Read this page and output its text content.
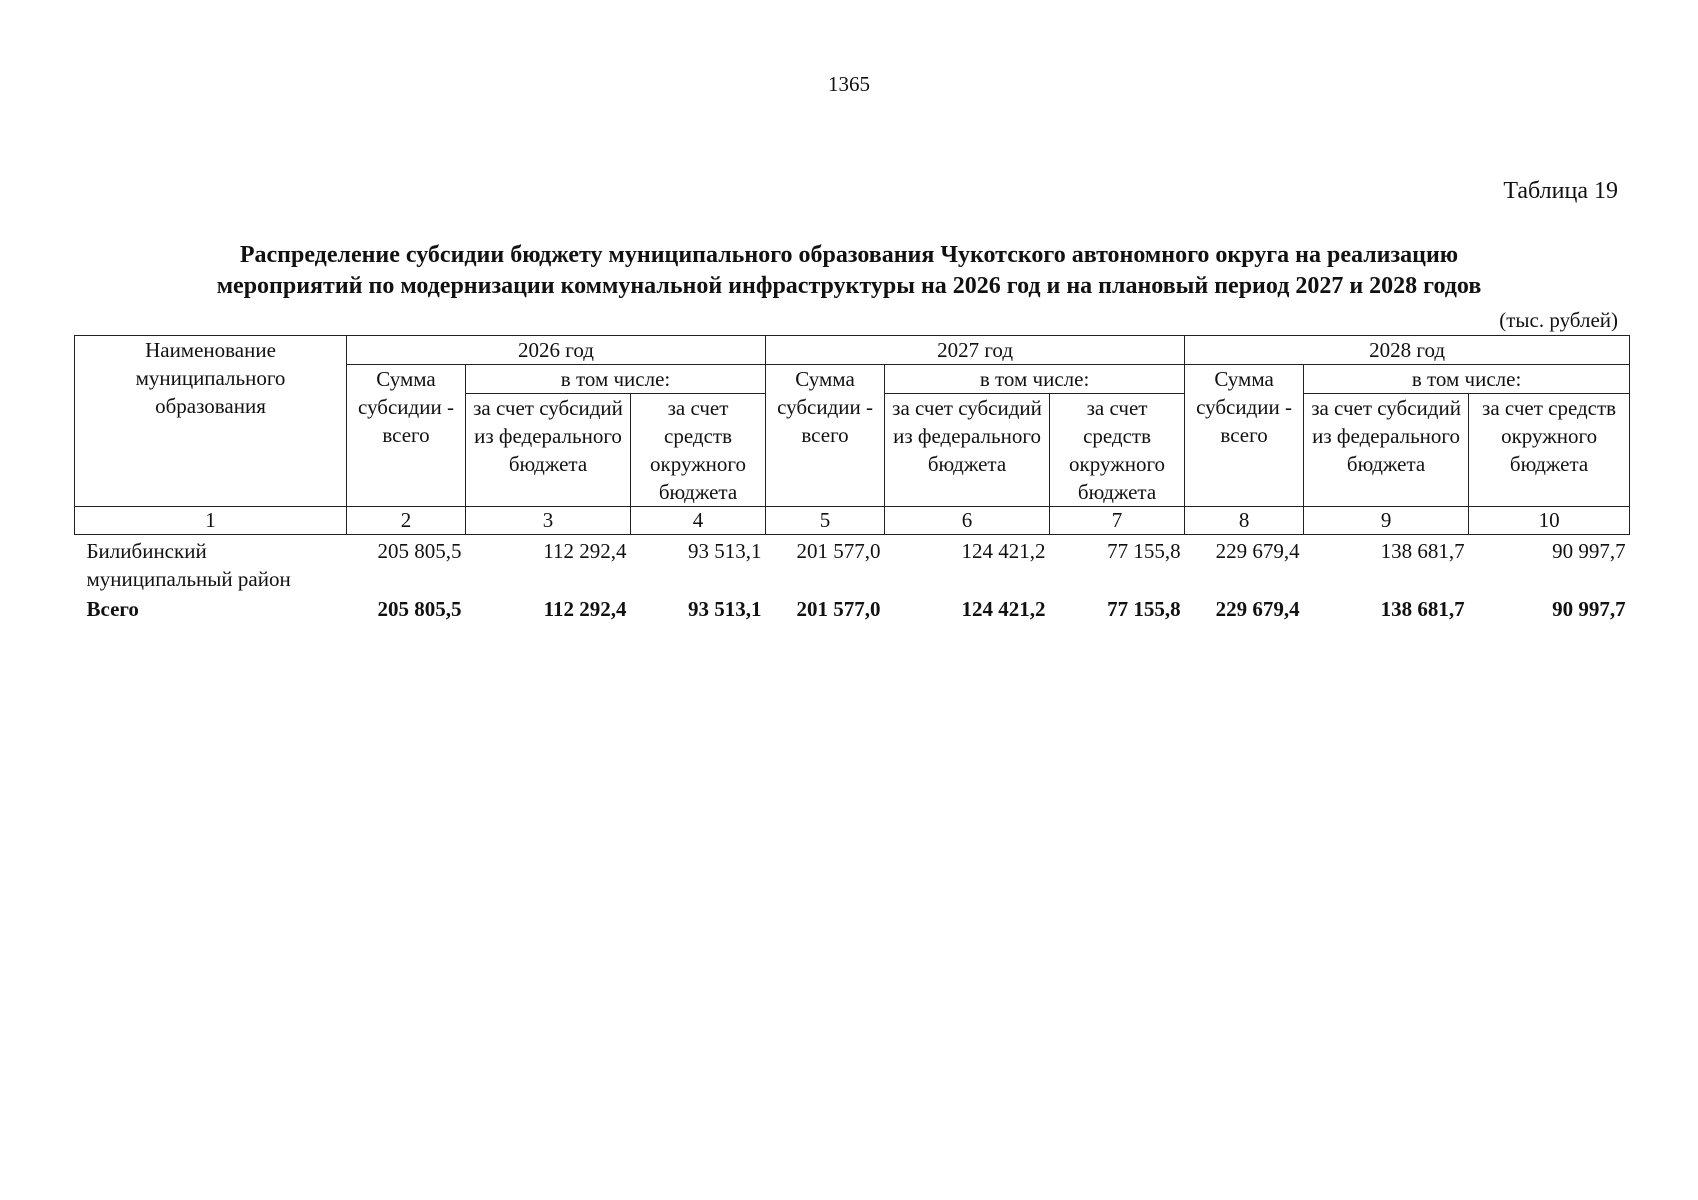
1365
Таблица 19
Распределение субсидии бюджету муниципального образования Чукотского автономного округа на реализацию
мероприятий по модернизации коммунальной инфраструктуры на 2026 год и на плановый период 2027 и 2028 годов
(тыс. рублей)
Наименование муниципального образования	2026 год			2027 год			2028 год		
	Сумма субсидии - всего	в том числе:		Сумма субсидии - всего	в том числе:		Сумма субсидии - всего	в том числе:	
		за счет субсидий из федерального бюджета	за счет средств окружного бюджета		за счет субсидий из федерального бюджета	за счет средств окружного бюджета		за счет субсидий из федерального бюджета	за счет средств окружного бюджета
1	2	3	4	5	6	7	8	9	10
Билибинский муниципальный район	205 805,5	112 292,4	93 513,1	201 577,0	124 421,2	77 155,8	229 679,4	138 681,7	90 997,7
Всего	205 805,5	112 292,4	93 513,1	201 577,0	124 421,2	77 155,8	229 679,4	138 681,7	90 997,7
